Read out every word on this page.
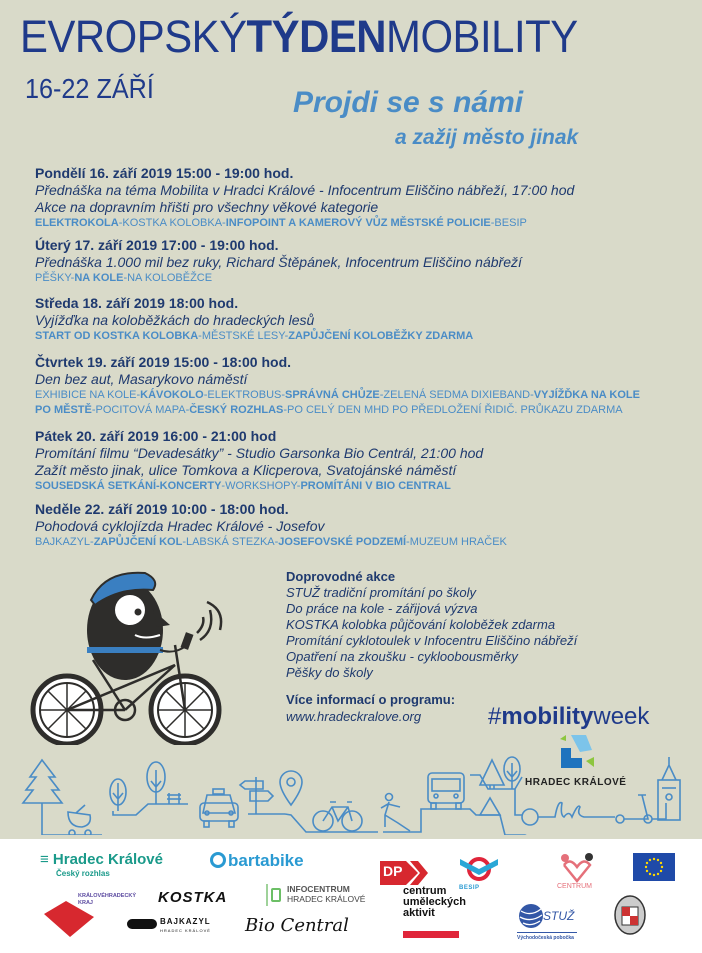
EVROPSKÝTÝDENMOBILITY
16-22 ZÁŘÍ	Projdi se s námi
a zažij město jinak
Pondělí 16. září 2019 15:00 - 19:00 hod.
Přednáška na téma Mobilita v Hradci Králové - Infocentrum Eliščino nábřeží, 17:00 hod
Akce na dopravním hřišti pro všechny věkové kategorie
ELEKTROKOLA-KOSTKA KOLOBKA-INFOPOINT A KAMEROVÝ VŮZ MĚSTSKÉ POLICIE-BESIP
Úterý 17. září 2019 17:00 - 19:00 hod.
Přednáška 1.000 mil bez ruky, Richard Štěpánek, Infocentrum Eliščino nábřeží
PĚŠKY-NA KOLE-NA KOLOBĚŽCE
Středa 18. září 2019 18:00 hod.
Vyjížďka na koloběžkách do hradeckých lesů
START OD KOSTKA KOLOBKA-MĚSTSKÉ LESY-ZAPŮJČENÍ KOLOBĚŽKY ZDARMA
Čtvrtek 19. září 2019 15:00 - 18:00 hod.
Den bez aut, Masarykovo náměstí
EXHIBICE NA KOLE-KÁVOKOLO-ELEKTROBUS-SPRÁVNÁ CHŮZE-ZELENÁ SEDMA DIXIEBAND-VYJÍŽĎKA NA KOLE
PO MĚSTĚ-POCITOVÁ MAPA-ČESKÝ ROZHLAS-PO CELÝ DEN MHD PO PŘEDLOŽENÍ ŘIDIČ. PRŮKAZU ZDARMA
Pátek 20. září 2019 16:00 - 21:00 hod
Promítání filmu “Devadesátky” - Studio Garsonka Bio Centrál, 21:00 hod
Zažít město jinak, ulice Tomkova a Klicperova, Svatojánské náměstí
SOUSEDSKÁ SETKÁNÍ-KONCERTY-WORKSHOPY-PROMÍTÁNI V BIO CENTRAL
Neděle 22. září 2019 10:00 - 18:00 hod.
Pohodová cyklojízda Hradec Králové - Josefov
BAJKAZYL-ZAPŮJČENÍ KOL-LABSKÁ STEZKA-JOSEFOVSKÉ PODZEMÍ-MUZEUM HRAČEK
Doprovodné akce
STUŽ tradiční promítání po školy
Do práce na kole - zářijová výzva
KOSTKA kolobka půjčování koloběžek zdarma
Promítání cyklotoulek v Infocentru Eliščino nábřeží
Opatření na zkoušku - cykloobousměrky
Pěšky do školy
Více informací o programu:
www.hradeckralove.org	#mobilityweek
HRADEC KRÁLOVÉ
≡ Hradec Králové
Český rozhlas
bartabike
KRÁLOVÉHRADECKÝ KRAJ	KOSTKA	INFOCENTRUM
HRADEC KRÁLOVÉ
BAJKAZYL
HRADEC KRÁLOVÉ Bio Central
DP
centrum
uměleckých
aktivit
BESIP	CENTRUM
STUŽ
Východočeská pobočka
